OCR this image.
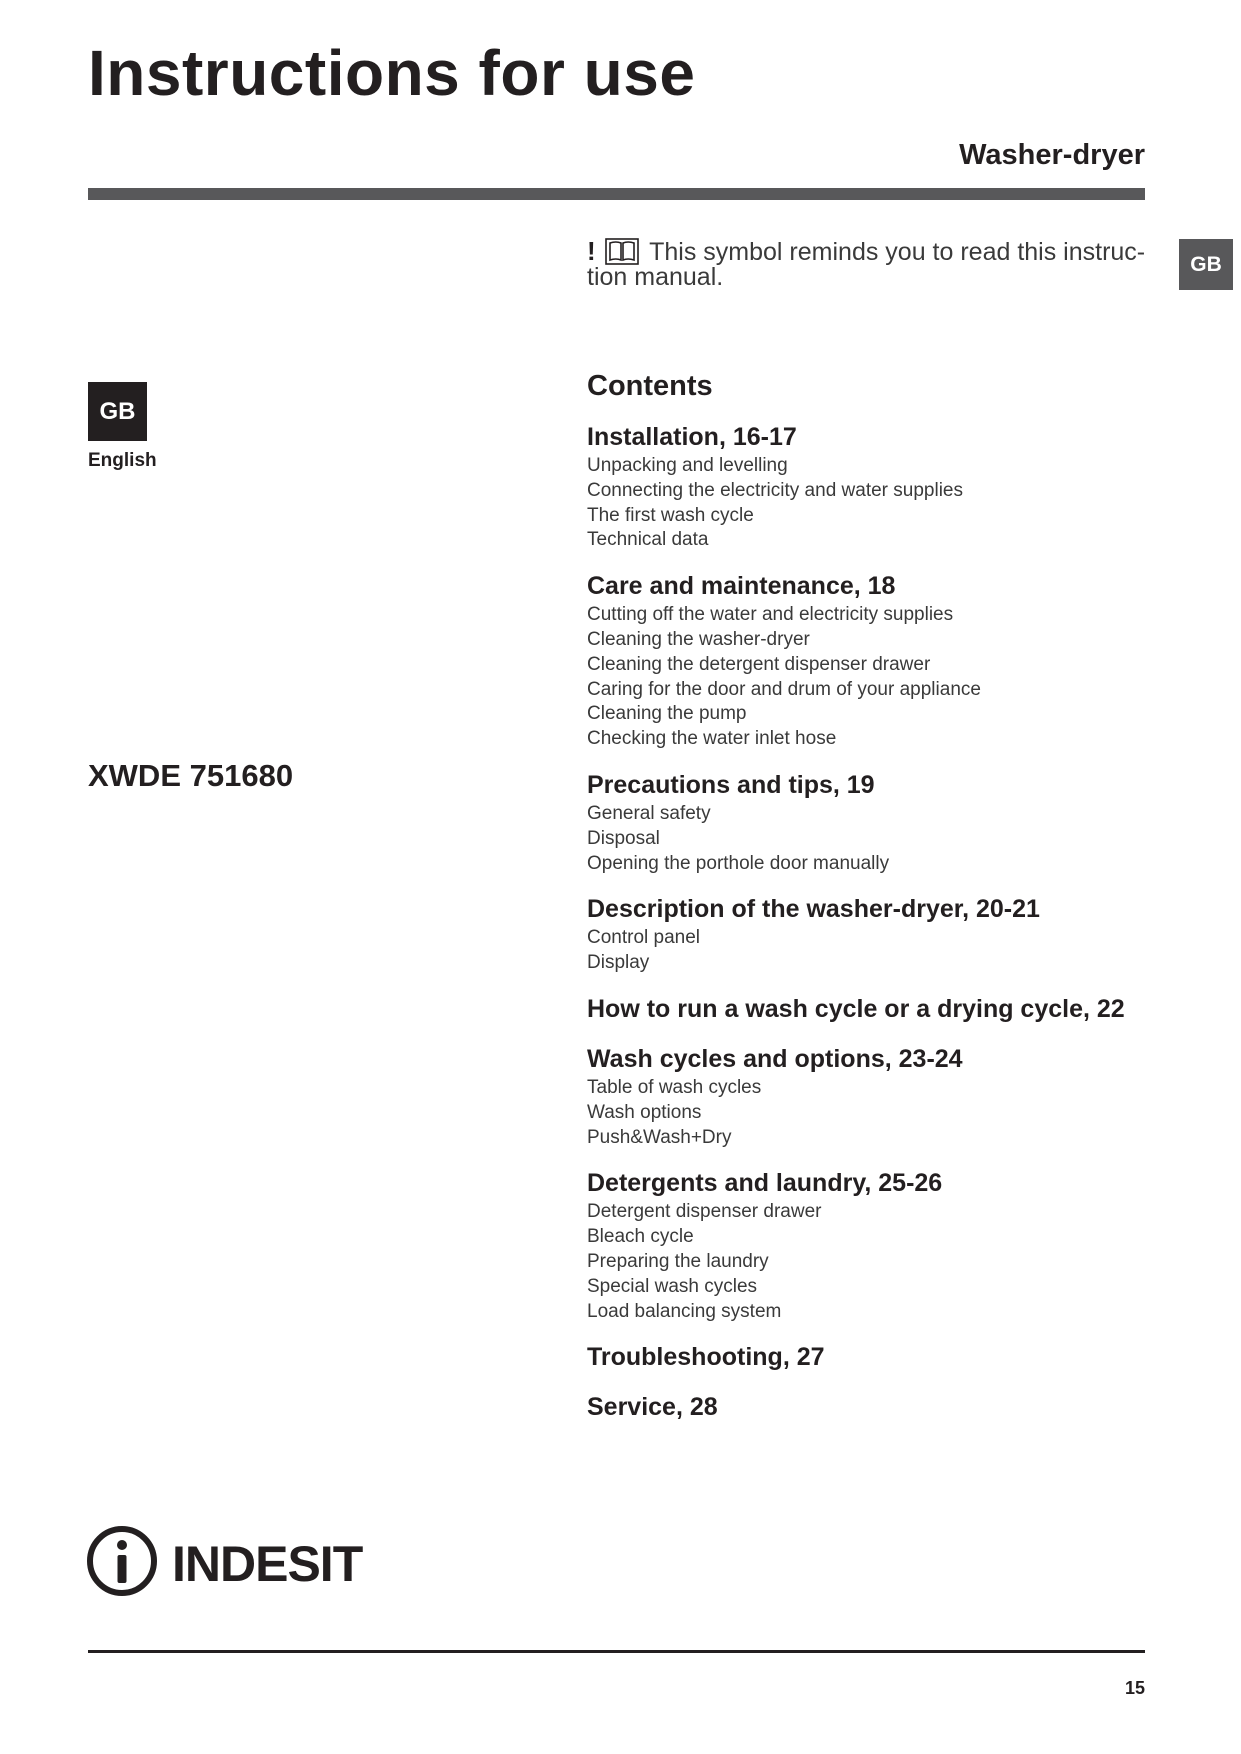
Instructions for use
Washer-dryer
GB
GB
English
XWDE 751680
! This symbol reminds you to read this instruc-tion manual.
Contents
Installation, 16-17
Unpacking and levelling
Connecting the electricity and water supplies
The first wash cycle
Technical data
Care and maintenance, 18
Cutting off the water and electricity supplies
Cleaning the washer-dryer
Cleaning the detergent dispenser drawer
Caring for the door and drum of your appliance
Cleaning the pump
Checking the water inlet hose
Precautions and tips, 19
General safety
Disposal
Opening the porthole door manually
Description of the washer-dryer, 20-21
Control panel
Display
How to run a wash cycle or a drying cycle, 22
Wash cycles and options, 23-24
Table of wash cycles
Wash options
Push&Wash+Dry
Detergents and laundry, 25-26
Detergent dispenser drawer
Bleach cycle
Preparing the laundry
Special wash cycles
Load balancing system
Troubleshooting, 27
Service, 28
INDESIT
15
